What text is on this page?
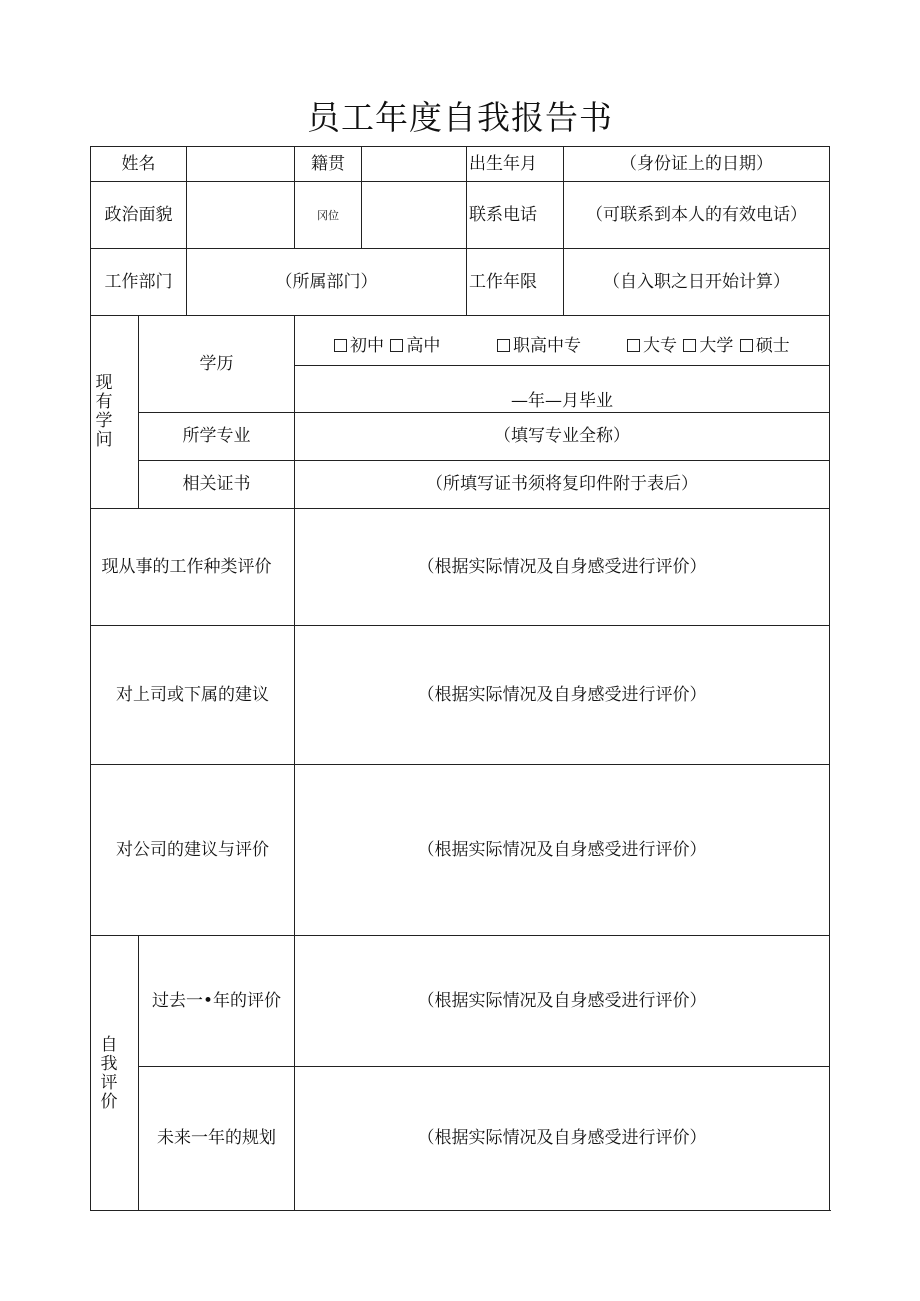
员工年度自我报告书
姓名	籍贯	出生年月	（身份证上的日期）
政治面貌	冈位	联系电话	（可联系到本人的有效电话）
工作部门	（所属部门）	工作年限	（自入职之日开始计算）
现
有
学
问
学历
初中 高中	职高中专	大专 大学 硕士
—年—月毕业
所学专业	（填写专业全称）
相关证书	（所填写证书须将复印件附于表后）
现从事的工作种类评价	（根据实际情况及自身感受进行评价）
对上司或下属的建议	（根据实际情况及自身感受进行评价）
对公司的建议与评价	（根据实际情况及自身感受进行评价）
自
我
评
价
过去一•年的评价	（根据实际情况及自身感受进行评价）
未来一年的规划	（根据实际情况及自身感受进行评价）
